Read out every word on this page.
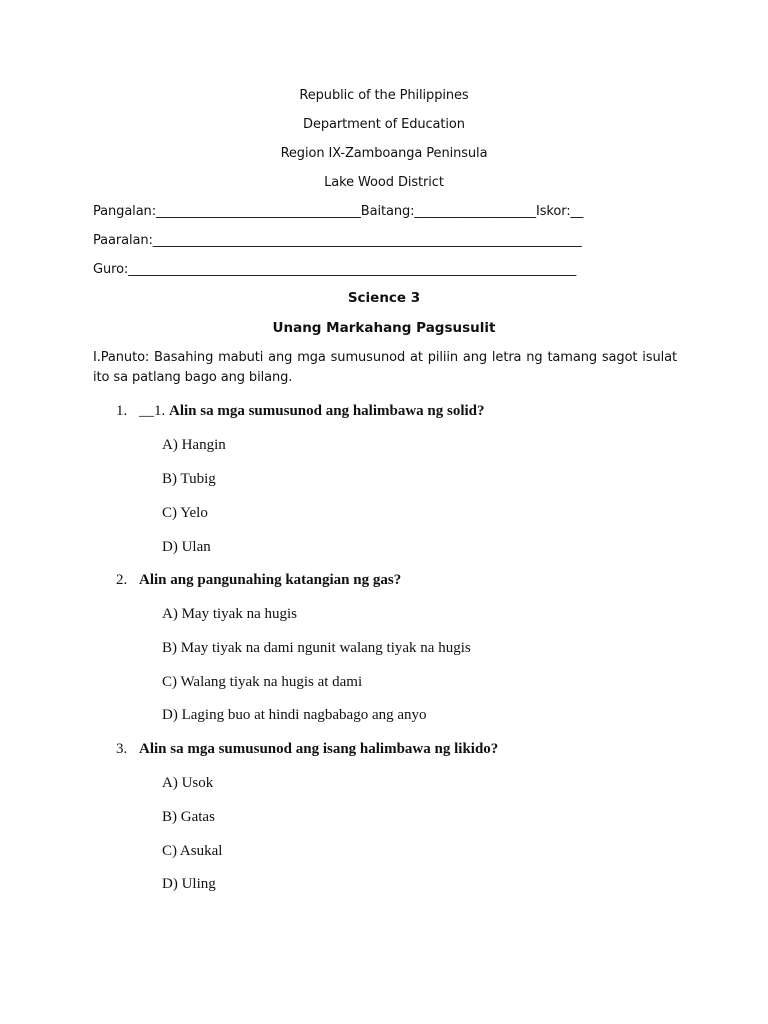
Republic of the Philippines
Department of Education
Region IX-Zamboanga Peninsula
Lake Wood District
Pangalan:________________________________Baitang:___________________Iskor:__
Paaralan:___________________________________________________________________
Guro:______________________________________________________________________
Science 3
Unang Markahang Pagsusulit
I.Panuto: Basahing mabuti ang mga sumusunod at piliin ang letra ng tamang sagot isulat ito sa patlang bago ang bilang.
1. __1. Alin sa mga sumusunod ang halimbawa ng solid?
A) Hangin
B) Tubig
C) Yelo
D) Ulan
2. Alin ang pangunahing katangian ng gas?
A) May tiyak na hugis
B) May tiyak na dami ngunit walang tiyak na hugis
C) Walang tiyak na hugis at dami
D) Laging buo at hindi nagbabago ang anyo
3. Alin sa mga sumusunod ang isang halimbawa ng likido?
A) Usok
B) Gatas
C) Asukal
D) Uling
